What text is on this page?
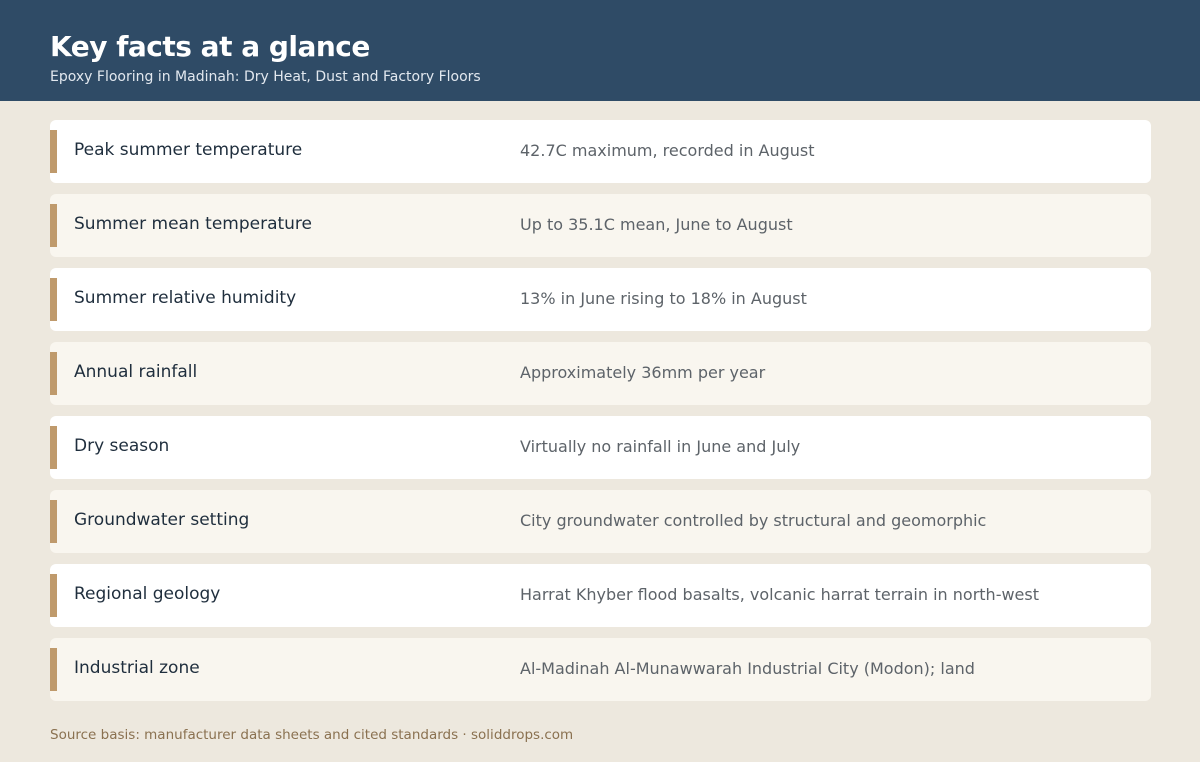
Key facts at a glance
Epoxy Flooring in Madinah: Dry Heat, Dust and Factory Floors
Peak summer temperature	42.7C maximum, recorded in August
Summer mean temperature	Up to 35.1C mean, June to August
Summer relative humidity	13% in June rising to 18% in August
Annual rainfall	Approximately 36mm per year
Dry season	Virtually no rainfall in June and July
Groundwater setting	City groundwater controlled by structural and geomorphic
Regional geology	Harrat Khyber flood basalts, volcanic harrat terrain in north-west
Industrial zone	Al-Madinah Al-Munawwarah Industrial City (Modon); land
Source basis: manufacturer data sheets and cited standards · soliddrops.com
